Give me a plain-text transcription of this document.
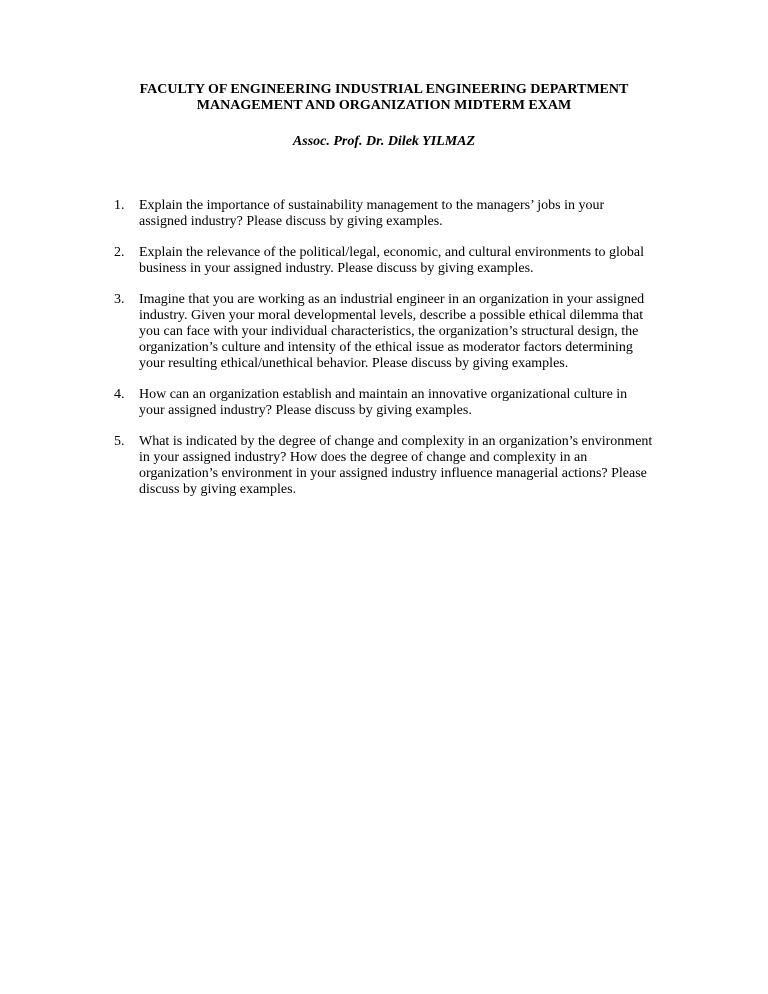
FACULTY OF ENGINEERING INDUSTRIAL ENGINEERING DEPARTMENT
MANAGEMENT AND ORGANIZATION MIDTERM EXAM
Assoc. Prof. Dr. Dilek YILMAZ
1. Explain the importance of sustainability management to the managers’ jobs in your assigned industry? Please discuss by giving examples.
2. Explain the relevance of the political/legal, economic, and cultural environments to global business in your assigned industry. Please discuss by giving examples.
3. Imagine that you are working as an industrial engineer in an organization in your assigned industry. Given your moral developmental levels, describe a possible ethical dilemma that you can face with your individual characteristics, the organization’s structural design, the organization’s culture and intensity of the ethical issue as moderator factors determining your resulting ethical/unethical behavior. Please discuss by giving examples.
4. How can an organization establish and maintain an innovative organizational culture in your assigned industry? Please discuss by giving examples.
5. What is indicated by the degree of change and complexity in an organization’s environment in your assigned industry? How does the degree of change and complexity in an organization’s environment in your assigned industry influence managerial actions? Please discuss by giving examples.
